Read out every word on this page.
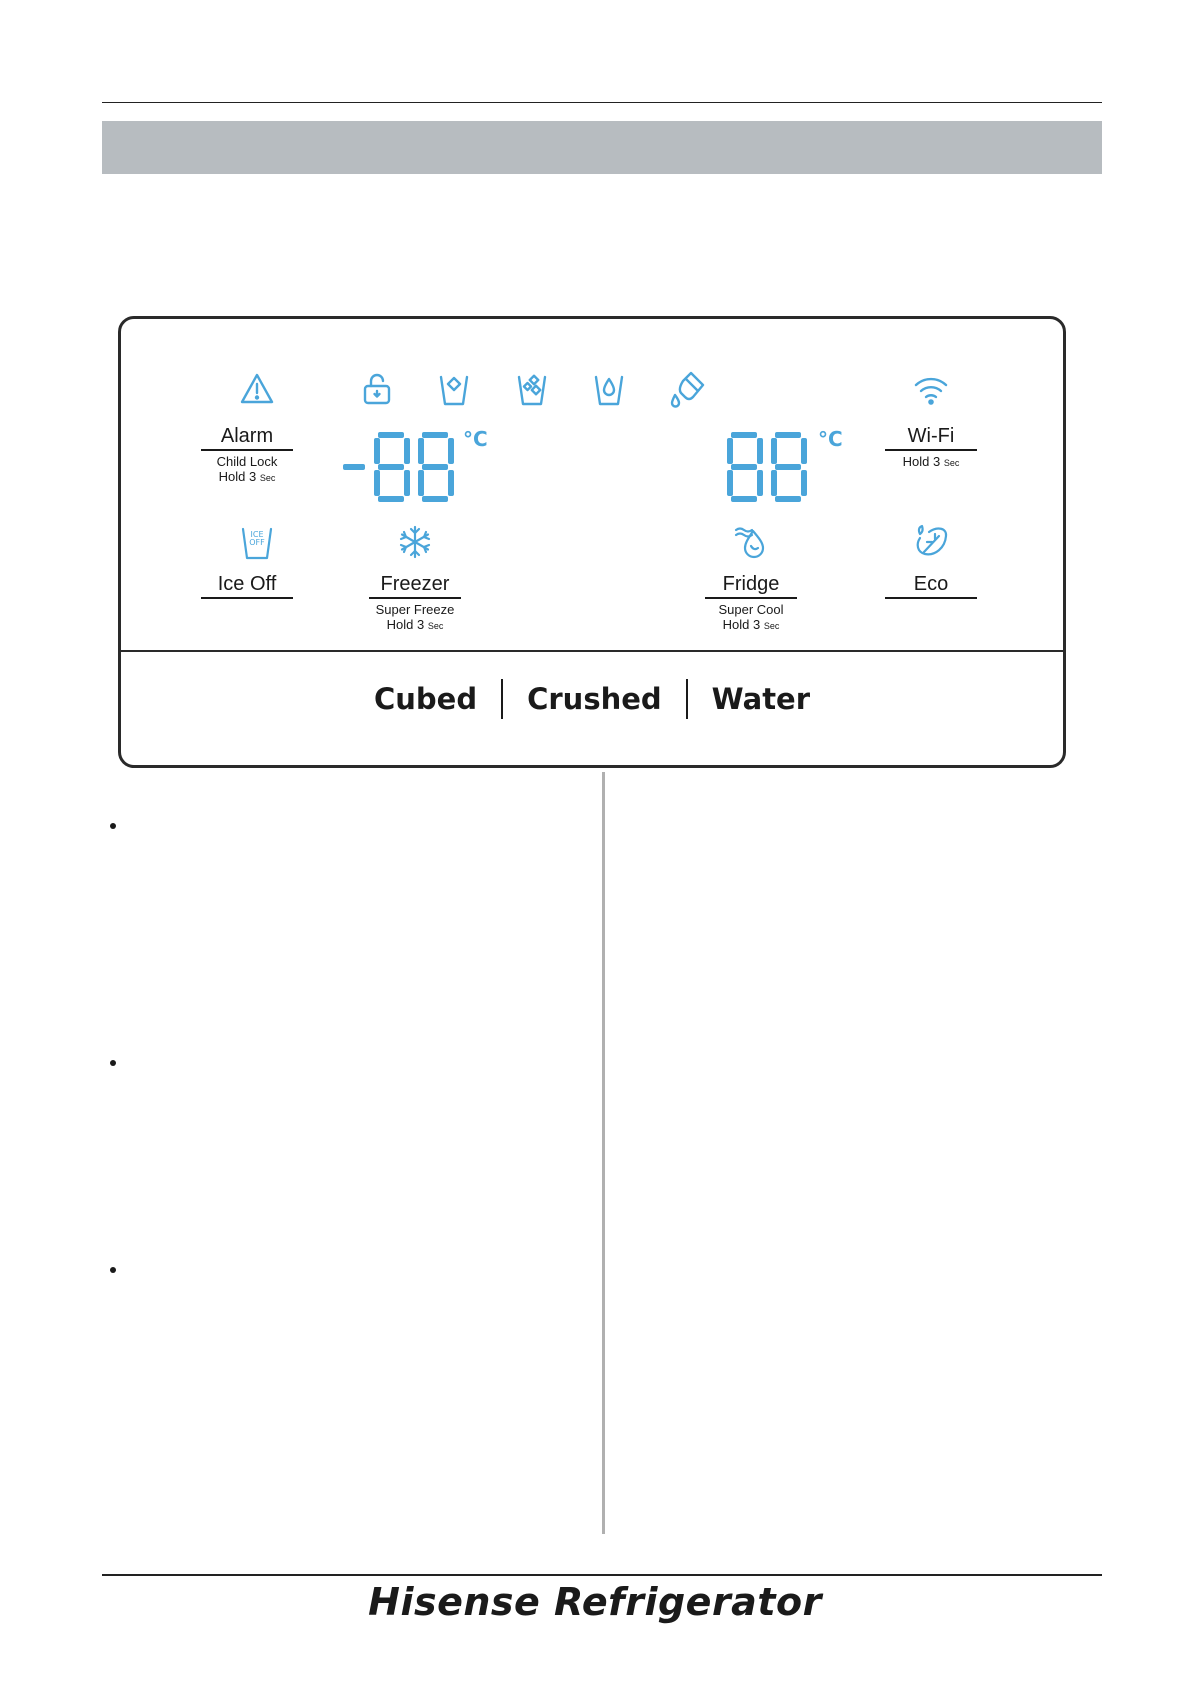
Alarm
Child Lock
Hold 3 Sec
Wi-Fi
Hold 3 Sec
°C	°C
ICE
OFF
Ice Off	Freezer
Super Freeze
Hold 3 Sec
Fridge
Super Cool
Hold 3 Sec
Eco
Cubed	Crushed	Water
Hisense Refrigerator
